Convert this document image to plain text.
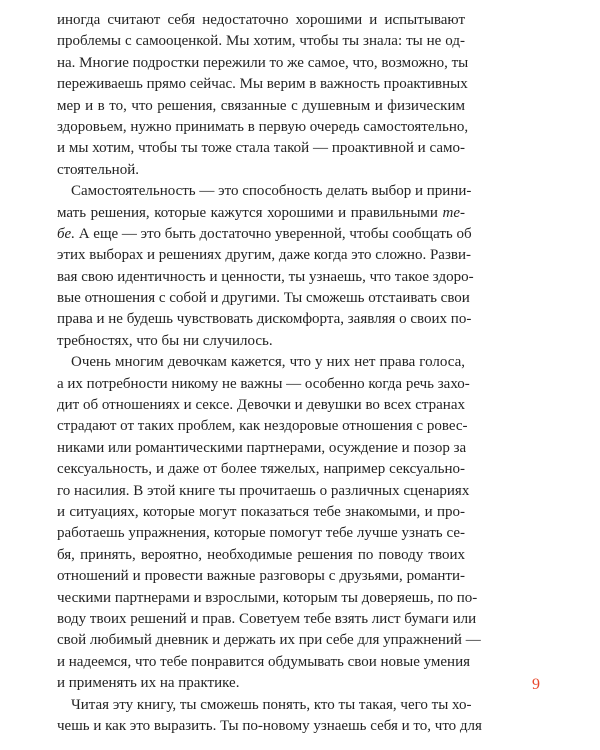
иногда считают себя недостаточно хорошими и испытывают
проблемы с самооценкой. Мы хотим, чтобы ты знала: ты не од-
на. Многие подростки пережили то же самое, что, возможно, ты
переживаешь прямо сейчас. Мы верим в важность проактивных
мер и в то, что решения, связанные с душевным и физическим
здоровьем, нужно принимать в первую очередь самостоятельно,
и мы хотим, чтобы ты тоже стала такой — проактивной и само-
стоятельной.
Самостоятельность — это способность делать выбор и прини-
мать решения, которые кажутся хорошими и правильными те-
бе. А еще — это быть достаточно уверенной, чтобы сообщать об
этих выборах и решениях другим, даже когда это сложно. Разви-
вая свою идентичность и ценности, ты узнаешь, что такое здоро-
вые отношения с собой и другими. Ты сможешь отстаивать свои
права и не будешь чувствовать дискомфорта, заявляя о своих по-
требностях, что бы ни случилось.
Очень многим девочкам кажется, что у них нет права голоса,
а их потребности никому не важны — особенно когда речь захо-
дит об отношениях и сексе. Девочки и девушки во всех странах
страдают от таких проблем, как нездоровые отношения с ровес-
никами или романтическими партнерами, осуждение и позор за
сексуальность, и даже от более тяжелых, например сексуально-
го насилия. В этой книге ты прочитаешь о различных сценариях
и ситуациях, которые могут показаться тебе знакомыми, и про-
работаешь упражнения, которые помогут тебе лучше узнать се-
бя, принять, вероятно, необходимые решения по поводу твоих
отношений и провести важные разговоры с друзьями, романти-
ческими партнерами и взрослыми, которым ты доверяешь, по по-
воду твоих решений и прав. Советуем тебе взять лист бумаги или
свой любимый дневник и держать их при себе для упражнений —
и надеемся, что тебе понравится обдумывать свои новые умения
и применять их на практике.
Читая эту книгу, ты сможешь понять, кто ты такая, чего ты хо-
чешь и как это выразить. Ты по-новому узнаешь себя и то, что для
9
